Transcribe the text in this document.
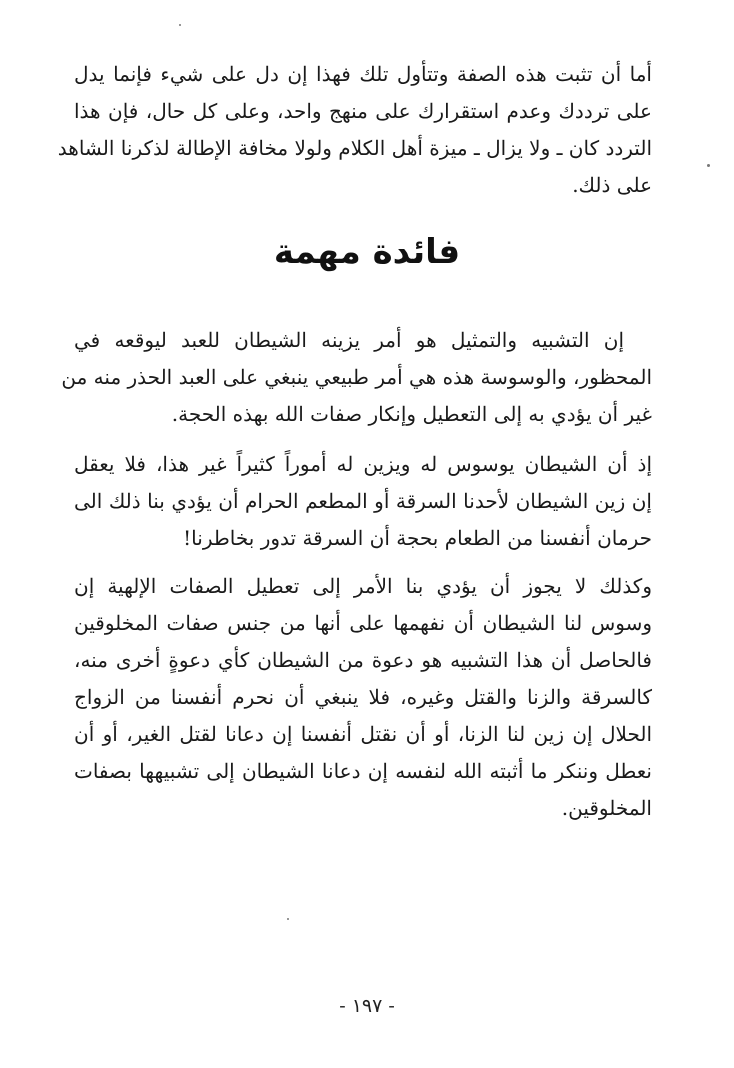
أما أن تثبت هذه الصفة وتتأول تلك فهذا إن دل على شيء فإنما يدل
على ترددك وعدم استقرارك على منهج واحد، وعلى كل حال، فإن هذا
التردد كان ـ ولا يزال ـ ميزة أهل الكلام ولولا مخافة الإطالة لذكرنا الشاهد
على ذلك.
فائدة مهمة
إن التشبيه والتمثيل هو أمر يزينه الشيطان للعبد ليوقعه في
المحظور، والوسوسة هذه هي أمر طبيعي ينبغي على العبد الحذر منه من
غير أن يؤدي به إلى التعطيل وإنكار صفات الله بهذه الحجة.
إذ أن الشيطان يوسوس له ويزين له أموراً كثيراً غير هذا، فلا يعقل
إن زين الشيطان لأحدنا السرقة أو المطعم الحرام أن يؤدي بنا ذلك الى
حرمان أنفسنا من الطعام بحجة أن السرقة تدور بخاطرنا!
وكذلك لا يجوز أن يؤدي بنا الأمر إلى تعطيل الصفات الإلهية إن
وسوس لنا الشيطان أن نفهمها على أنها من جنس صفات المخلوقين
فالحاصل أن هذا التشبيه هو دعوة من الشيطان كأي دعوةٍ أخرى منه،
كالسرقة والزنا والقتل وغيره، فلا ينبغي أن نحرم أنفسنا من الزواج
الحلال إن زين لنا الزنا، أو أن نقتل أنفسنا إن دعانا لقتل الغير، أو أن
نعطل وننكر ما أثبته الله لنفسه إن دعانا الشيطان إلى تشبيهها بصفات
المخلوقين.
- ١٩٧ -
